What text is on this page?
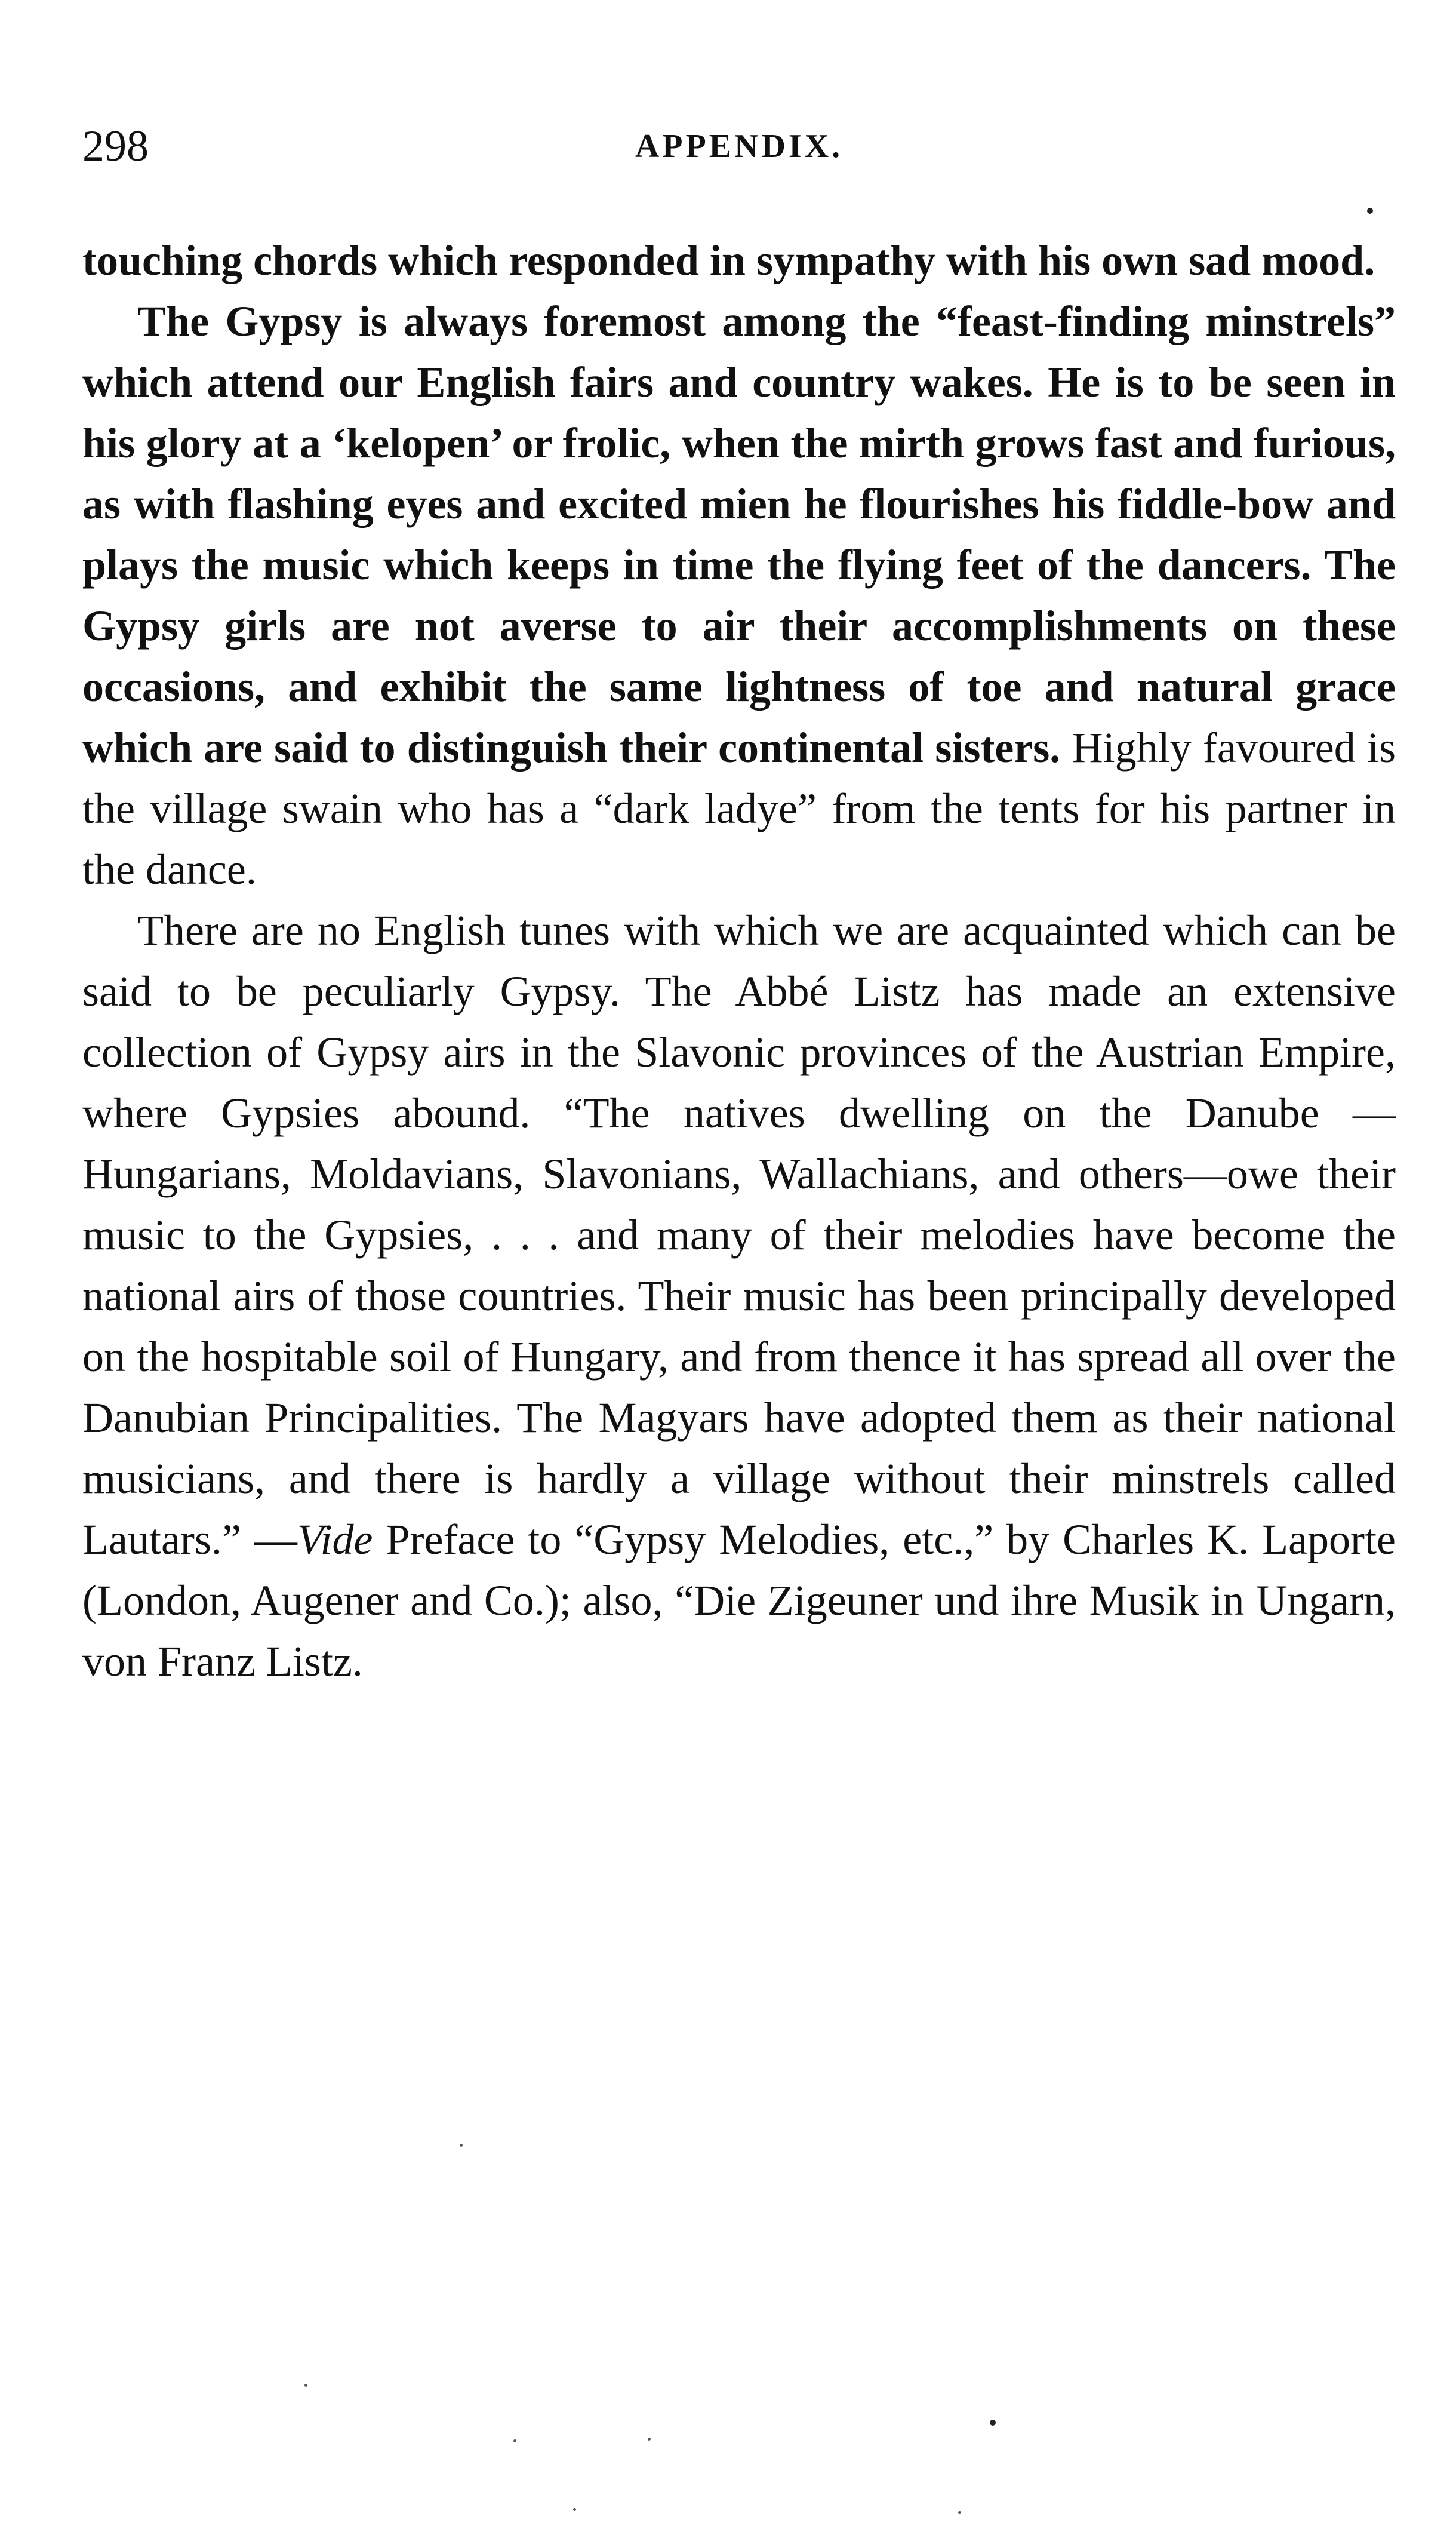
298	APPENDIX.

touching chords which responded in sympathy with his own sad mood.

The Gypsy is always foremost among the “feast-finding minstrels” which attend our English fairs and country wakes. He is to be seen in his glory at a ‘kelopen’ or frolic, when the mirth grows fast and furious, as with flashing eyes and excited mien he flourishes his fiddle-bow and plays the music which keeps in time the flying feet of the dancers. The Gypsy girls are not averse to air their accomplishments on these occasions, and exhibit the same lightness of toe and natural grace which are said to distinguish their continental sisters. Highly favoured is the village swain who has a “dark ladye” from the tents for his partner in the dance.

There are no English tunes with which we are acquainted which can be said to be peculiarly Gypsy. The Abbé Listz has made an extensive collection of Gypsy airs in the Slavonic provinces of the Austrian Empire, where Gypsies abound. “The natives dwelling on the Danube —Hungarians, Moldavians, Slavonians, Wallachians, and others—owe their music to the Gypsies, . . . and many of their melodies have become the national airs of those countries. Their music has been principally developed on the hospitable soil of Hungary, and from thence it has spread all over the Danubian Principalities. The Magyars have adopted them as their national musicians, and there is hardly a village without their minstrels called Lautars.” —Vide Preface to “Gypsy Melodies, etc.,” by Charles K. Laporte (London, Augener and Co.); also, “Die Zigeuner und ihre Musik in Ungarn, von Franz Listz.
